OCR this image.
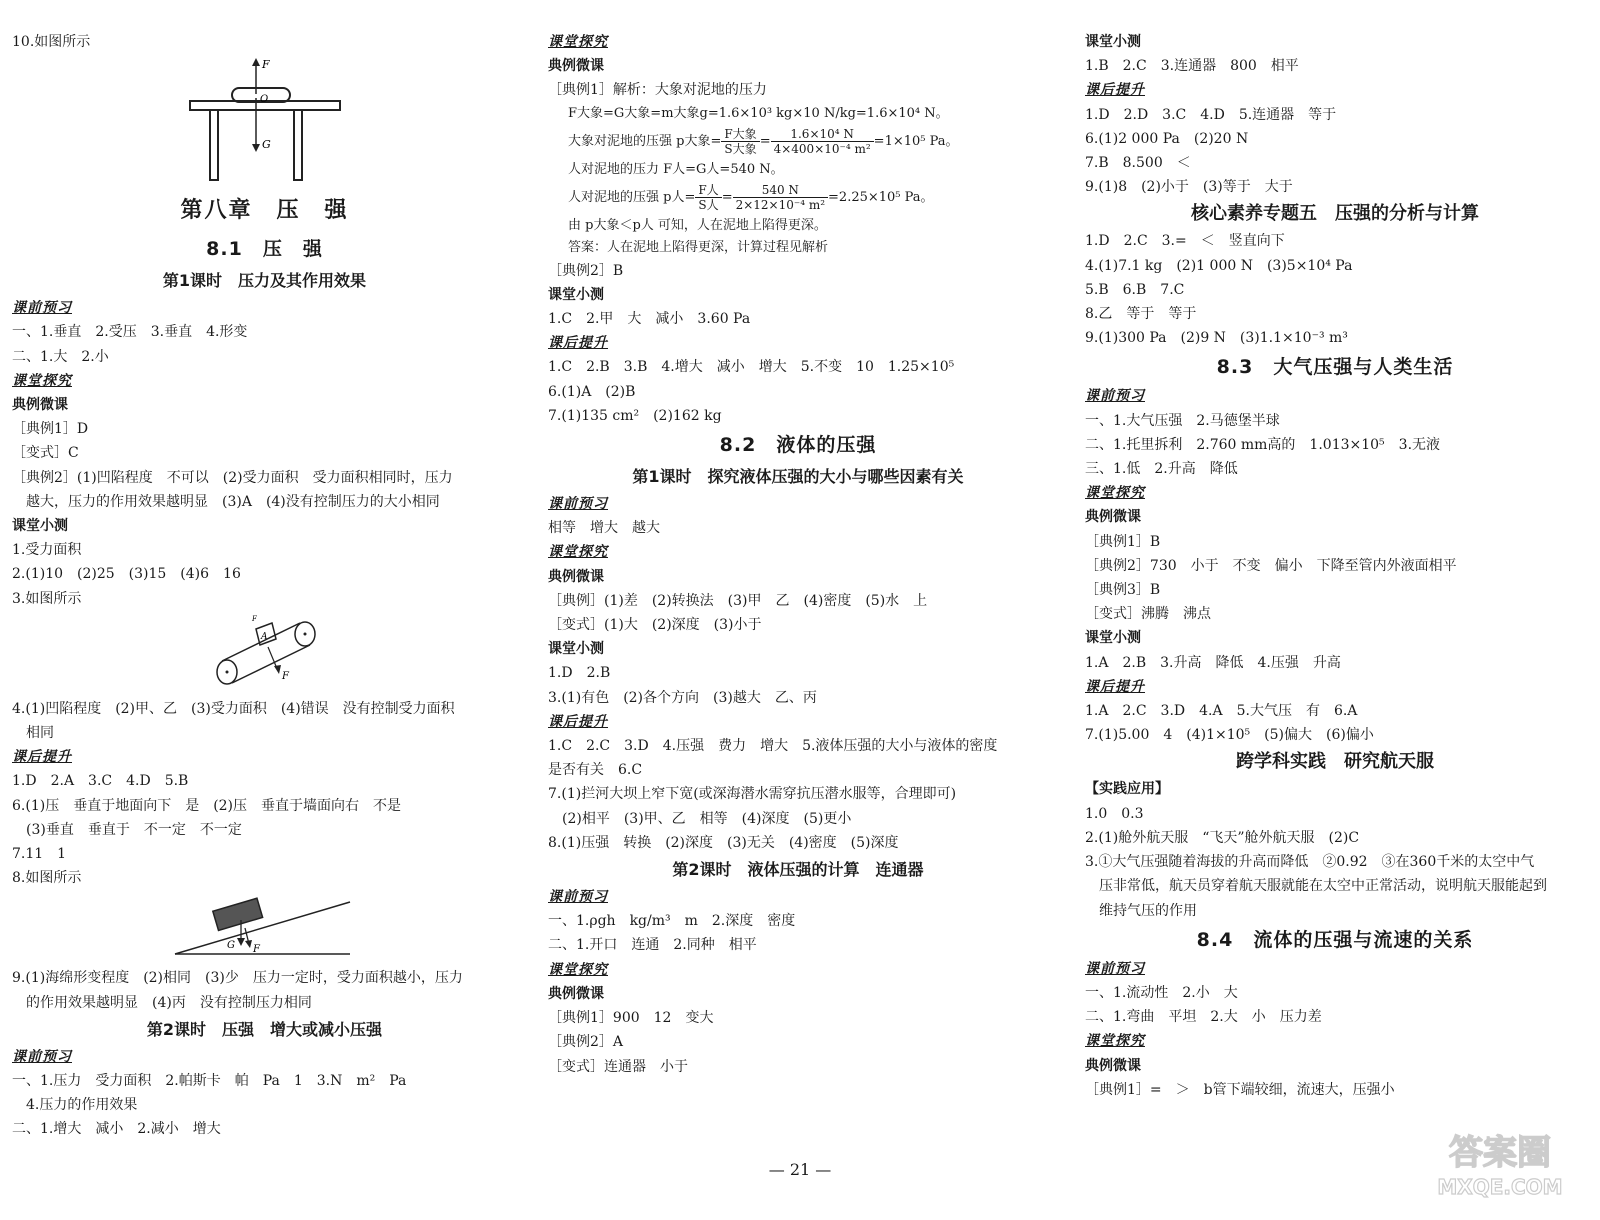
10.如图所示
F
O
G
第八章　压　强
8.1　压　强
第1课时　压力及其作用效果
课前预习
一、1.垂直　2.受压　3.垂直　4.形变
二、1.大　2.小
课堂探究
典例微课
［典例1］D
［变式］C
［典例2］(1)凹陷程度　不可以　(2)受力面积　受力面积相同时，压力
越大，压力的作用效果越明显　(3)A　(4)没有控制压力的大小相同
课堂小测
1.受力面积
2.(1)10　(2)25　(3)15　(4)6　16
3.如图所示
A
F
F
4.(1)凹陷程度　(2)甲、乙　(3)受力面积　(4)错误　没有控制受力面积
相同
课后提升
1.D　2.A　3.C　4.D　5.B
6.(1)压　垂直于地面向下　是　(2)压　垂直于墙面向右　不是
(3)垂直　垂直于　不一定　不一定
7.11　1
8.如图所示
G F
9.(1)海绵形变程度　(2)相同　(3)少　压力一定时，受力面积越小，压力
的作用效果越明显　(4)丙　没有控制压力相同
第2课时　压强　增大或减小压强
课前预习
一、1.压力　受力面积　2.帕斯卡　帕　Pa　1　3.N　m²　Pa
4.压力的作用效果
二、1.增大　减小　2.减小　增大
课堂探究
典例微课
［典例1］解析：大象对泥地的压力
F大象=G大象=m大象g=1.6×10³ kg×10 N/kg=1.6×10⁴ N。
大象对泥地的压强 p大象= $\frac{\text{F大象}}{\text{S大象}} = \frac{\text{1.6×10⁴ N}}{\text{4×400×10⁻⁴ m²}} =1\times 10^5$ Pa。
人对泥地的压力 F人=G人=540 N。
人对泥地的压强 p人= $\frac{\text{F人}}{\text{S人}} = \frac{540 N}{\text{2×12×10⁻⁴ m²}} =2.25\times 10^5$ Pa。
由 p大象＜p人 可知，人在泥地上陷得更深。
答案：人在泥地上陷得更深，计算过程见解析
［典例2］B
课堂小测
1.C　2.甲　大　减小　3.60 Pa
课后提升
1.C　2.B　3.B　4.增大　减小　增大　5.不变　10　1.25×10⁵
6.(1)A　(2)B
7.(1)135 cm²　(2)162 kg
8.2　液体的压强
第1课时　探究液体压强的大小与哪些因素有关
课前预习
相等　增大　越大
课堂探究
典例微课
［典例］(1)差　(2)转换法　(3)甲　乙　(4)密度　(5)水　上
［变式］(1)大　(2)深度　(3)小于
课堂小测
1.D　2.B
3.(1)有色　(2)各个方向　(3)越大　乙、丙
课后提升
1.C　2.C　3.D　4.压强　费力　增大　5.液体压强的大小与液体的密度
是否有关　6.C
7.(1)拦河大坝上窄下宽(或深海潜水需穿抗压潜水服等，合理即可)
(2)相平　(3)甲、乙　相等　(4)深度　(5)更小
8.(1)压强　转换　(2)深度　(3)无关　(4)密度　(5)深度
第2课时　液体压强的计算　连通器
课前预习
一、1.ρgh　kg/m³　m　2.深度　密度
二、1.开口　连通　2.同种　相平
课堂探究
典例微课
［典例1］900　12　变大
［典例2］A
［变式］连通器　小于
课堂小测
1.B　2.C　3.连通器　800　相平
课后提升
1.D　2.D　3.C　4.D　5.连通器　等于
6.(1)2 000 Pa　(2)20 N
7.B　8.500　＜
9.(1)8　(2)小于　(3)等于　大于
核心素养专题五　压强的分析与计算
1.D　2.C　3.=　＜　竖直向下
4.(1)7.1 kg　(2)1 000 N　(3)5×10⁴ Pa
5.B　6.B　7.C
8.乙　等于　等于
9.(1)300 Pa　(2)9 N　(3)1.1×10⁻³ m³
8.3　大气压强与人类生活
课前预习
一、1.大气压强　2.马德堡半球
二、1.托里拆利　2.760 mm高的　1.013×10⁵　3.无液
三、1.低　2.升高　降低
课堂探究
典例微课
［典例1］B
［典例2］730　小于　不变　偏小　下降至管内外液面相平
［典例3］B
［变式］沸腾　沸点
课堂小测
1.A　2.B　3.升高　降低　4.压强　升高
课后提升
1.A　2.C　3.D　4.A　5.大气压　有　6.A
7.(1)5.00　4　(4)1×10⁵　(5)偏大　(6)偏小
跨学科实践　研究航天服
【实践应用】
1.0　0.3
2.(1)舱外航天服　“飞天”舱外航天服　(2)C
3.①大气压强随着海拔的升高而降低　②0.92　③在360千米的太空中气
压非常低，航天员穿着航天服就能在太空中正常活动，说明航天服能起到
维持气压的作用
8.4　流体的压强与流速的关系
课前预习
一、1.流动性　2.小　大
二、1.弯曲　平坦　2.大　小　压力差
课堂探究
典例微课
［典例1］=　＞　b管下端较细，流速大，压强小
— 21 —	答案圈
MXQE.COM
